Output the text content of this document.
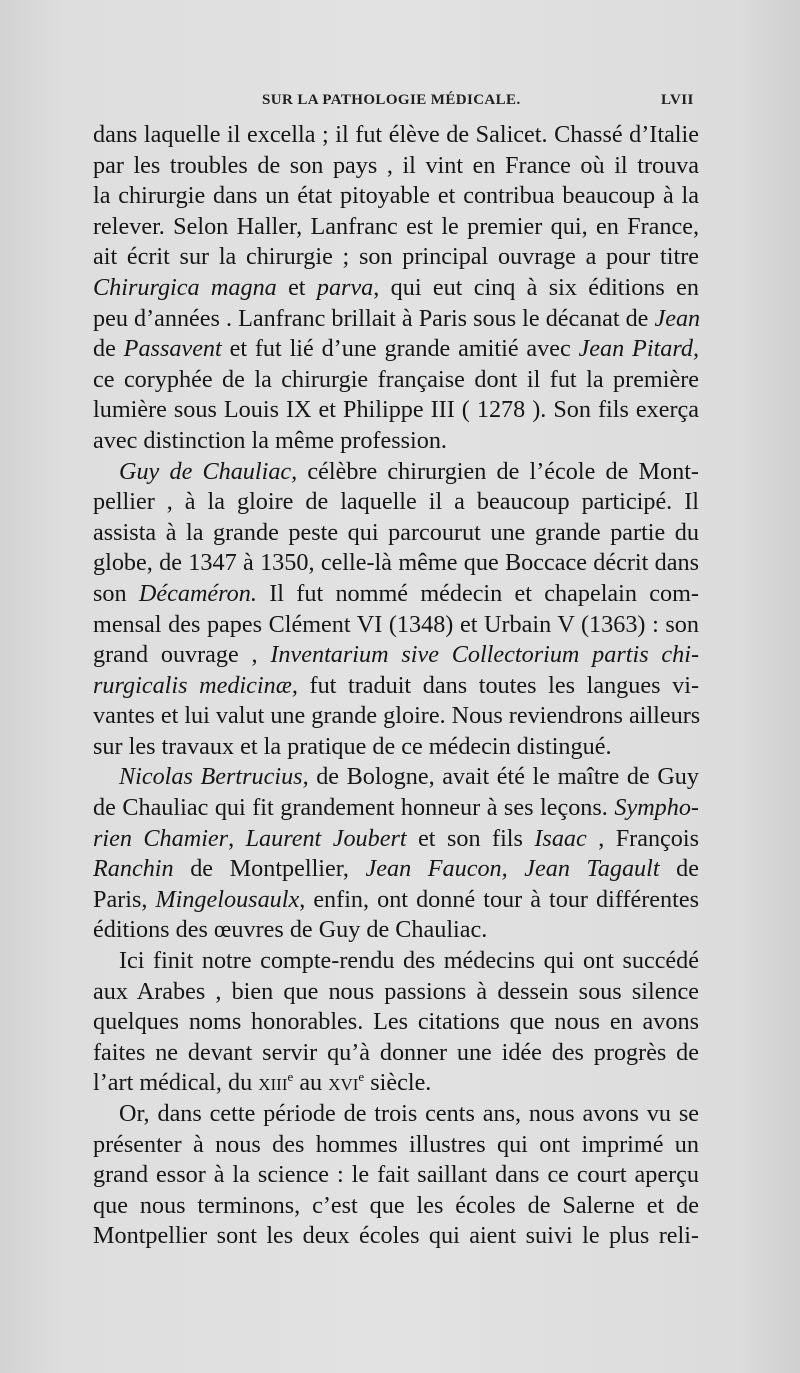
SUR LA PATHOLOGIE MÉDICALE.	LVII
dans laquelle il excella ; il fut élève de Salicet. Chassé d’Italie
par les troubles de son pays , il vint en France où il trouva
la chirurgie dans un état pitoyable et contribua beaucoup à la
relever. Selon Haller, Lanfranc est le premier qui, en France,
ait écrit sur la chirurgie ; son principal ouvrage a pour titre
Chirurgica magna et parva, qui eut cinq à six éditions en
peu d’années . Lanfranc brillait à Paris sous le décanat de Jean
de Passavent et fut lié d’une grande amitié avec Jean Pitard,
ce coryphée de la chirurgie française dont il fut la première
lumière sous Louis IX et Philippe III ( 1278 ). Son fils exerça
avec distinction la même profession.
Guy de Chauliac, célèbre chirurgien de l’école de Mont-
pellier , à la gloire de laquelle il a beaucoup participé. Il
assista à la grande peste qui parcourut une grande partie du
globe, de 1347 à 1350, celle-là même que Boccace décrit dans
son Décaméron. Il fut nommé médecin et chapelain com-
mensal des papes Clément VI (1348) et Urbain V (1363) : son
grand ouvrage , Inventarium sive Collectorium partis chi-
rurgicalis medicinæ, fut traduit dans toutes les langues vi-
vantes et lui valut une grande gloire. Nous reviendrons ailleurs
sur les travaux et la pratique de ce médecin distingué.
Nicolas Bertrucius, de Bologne, avait été le maître de Guy
de Chauliac qui fit grandement honneur à ses leçons. Sympho-
rien Chamier, Laurent Joubert et son fils Isaac , François
Ranchin de Montpellier, Jean Faucon, Jean Tagault de
Paris, Mingelousaulx, enfin, ont donné tour à tour différentes
éditions des œuvres de Guy de Chauliac.
Ici finit notre compte-rendu des médecins qui ont succédé
aux Arabes , bien que nous passions à dessein sous silence
quelques noms honorables. Les citations que nous en avons
faites ne devant servir qu’à donner une idée des progrès de
l’art médical, du xiii$^e$ au xvi$^e$ siècle.
Or, dans cette période de trois cents ans, nous avons vu se
présenter à nous des hommes illustres qui ont imprimé un
grand essor à la science : le fait saillant dans ce court aperçu
que nous terminons, c’est que les écoles de Salerne et de
Montpellier sont les deux écoles qui aient suivi le plus reli-
